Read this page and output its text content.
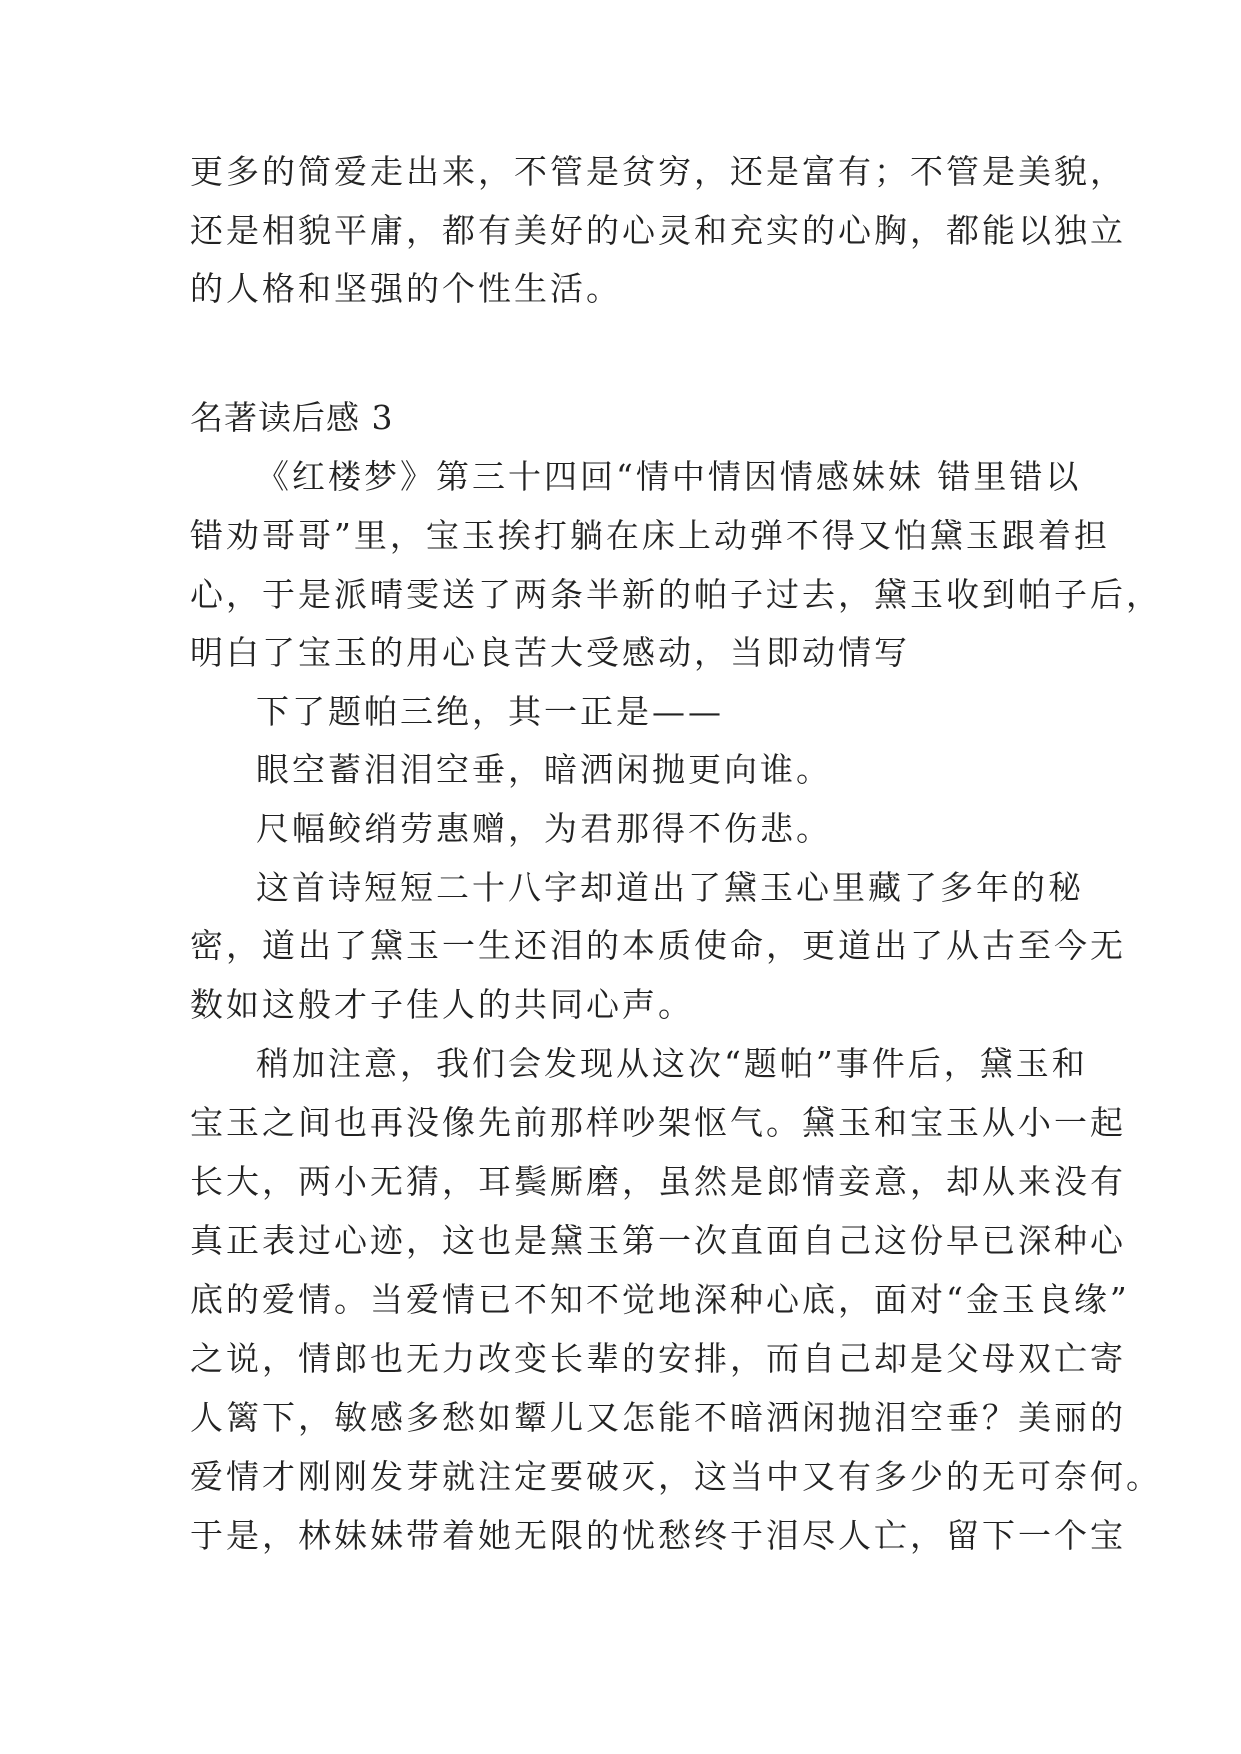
更多的简爱走出来，不管是贫穷，还是富有；不管是美貌，
还是相貌平庸，都有美好的心灵和充实的心胸，都能以独立
的人格和坚强的个性生活。
名著读后感 3
《红楼梦》第三十四回“情中情因情感妹妹 错里错以
错劝哥哥”里，宝玉挨打躺在床上动弹不得又怕黛玉跟着担
心，于是派晴雯送了两条半新的帕子过去，黛玉收到帕子后，
明白了宝玉的用心良苦大受感动，当即动情写
下了题帕三绝，其一正是——
眼空蓄泪泪空垂，暗洒闲抛更向谁。
尺幅鲛绡劳惠赠，为君那得不伤悲。
这首诗短短二十八字却道出了黛玉心里藏了多年的秘
密，道出了黛玉一生还泪的本质使命，更道出了从古至今无
数如这般才子佳人的共同心声。
稍加注意，我们会发现从这次“题帕”事件后，黛玉和
宝玉之间也再没像先前那样吵架怄气。黛玉和宝玉从小一起
长大，两小无猜，耳鬓厮磨，虽然是郎情妾意，却从来没有
真正表过心迹，这也是黛玉第一次直面自己这份早已深种心
底的爱情。当爱情已不知不觉地深种心底，面对“金玉良缘”
之说，情郎也无力改变长辈的安排，而自己却是父母双亡寄
人篱下，敏感多愁如颦儿又怎能不暗洒闲抛泪空垂？美丽的
爱情才刚刚发芽就注定要破灭，这当中又有多少的无可奈何。
于是，林妹妹带着她无限的忧愁终于泪尽人亡，留下一个宝
